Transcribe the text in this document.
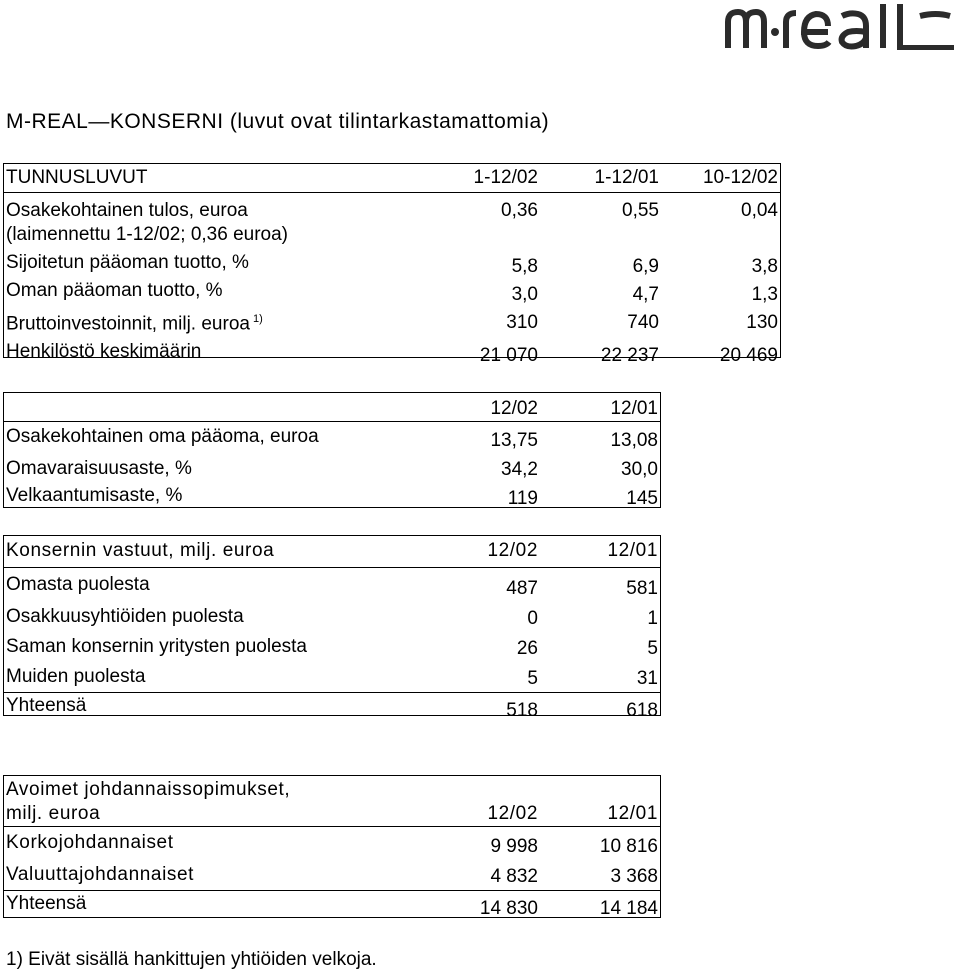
M-REAL—KONSERNI (luvut ovat tilintarkastamattomia)
TUNNUSLUVUT	1-12/02	1-12/01	10-12/02
Osakekohtainen tulos, euroa	0,36	0,55	0,04
(laimennettu 1-12/02; 0,36 euroa)			
Sijoitetun pääoman tuotto, %	5,8	6,9	3,8
Oman pääoman tuotto, %	3,0	4,7	1,3
Bruttoinvestoinnit, milj. euroa $^{1)}$	310	740	130
Henkilöstö keskimäärin	21 070	22 237	20 469
	12/02	12/01
Osakekohtainen oma pääoma, euroa	13,75	13,08
Omavaraisuusaste, %	34,2	30,0
Velkaantumisaste, %	119	145
Konsernin vastuut, milj. euroa	12/02	12/01
Omasta puolesta	487	581
Osakkuusyhtiöiden puolesta	0	1
Saman konsernin yritysten puolesta	26	5
Muiden puolesta	5	31
Yhteensä	518	618
Avoimet johdannaissopimukset,		
milj. euroa	12/02	12/01
Korkojohdannaiset	9 998	10 816
Valuuttajohdannaiset	4 832	3 368
Yhteensä	14 830	14 184
1) Eivät sisällä hankittujen yhtiöiden velkoja.
